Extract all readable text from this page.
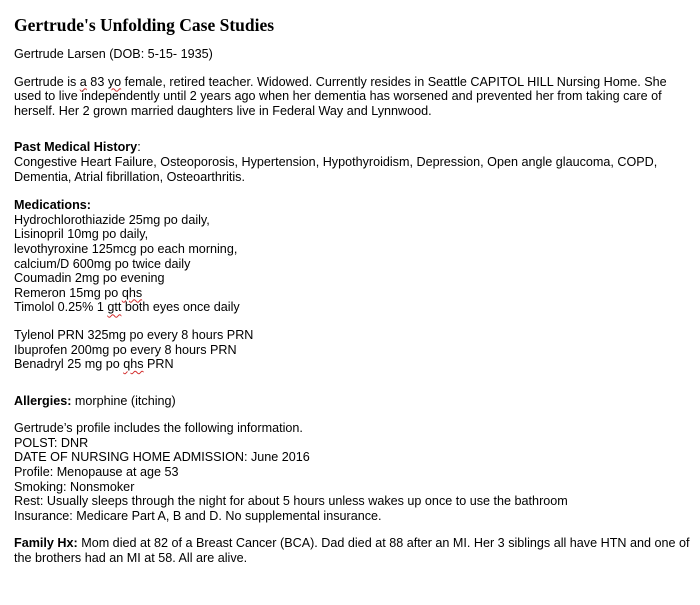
Gertrude's Unfolding Case Studies

Gertrude Larsen (DOB: 5-15- 1935)

Gertrude is a 83 yo female, retired teacher. Widowed. Currently resides in Seattle CAPITOL HILL Nursing Home. She used to live independently until 2 years ago when her dementia has worsened and prevented her from taking care of herself. Her 2 grown married daughters live in Federal Way and Lynnwood.

Past Medical History:
Congestive Heart Failure, Osteoporosis, Hypertension, Hypothyroidism, Depression, Open angle glaucoma, COPD, Dementia, Atrial fibrillation, Osteoarthritis.

Medications:
Hydrochlorothiazide 25mg po daily,
Lisinopril 10mg po daily,
levothyroxine 125mcg po each morning,
calcium/D 600mg po twice daily
Coumadin 2mg po evening
Remeron 15mg po qhs
Timolol 0.25% 1 gtt both eyes once daily
Tylenol PRN 325mg po every 8 hours PRN
Ibuprofen 200mg po every 8 hours PRN
Benadryl 25 mg po qhs PRN

Allergies: morphine (itching)

Gertrude’s profile includes the following information.
POLST: DNR
DATE OF NURSING HOME ADMISSION: June 2016
Profile: Menopause at age 53
Smoking: Nonsmoker
Rest: Usually sleeps through the night for about 5 hours unless wakes up once to use the bathroom
Insurance: Medicare Part A, B and D. No supplemental insurance.

Family Hx: Mom died at 82 of a Breast Cancer (BCA). Dad died at 88 after an MI. Her 3 siblings all have HTN and one of the brothers had an MI at 58. All are alive.
